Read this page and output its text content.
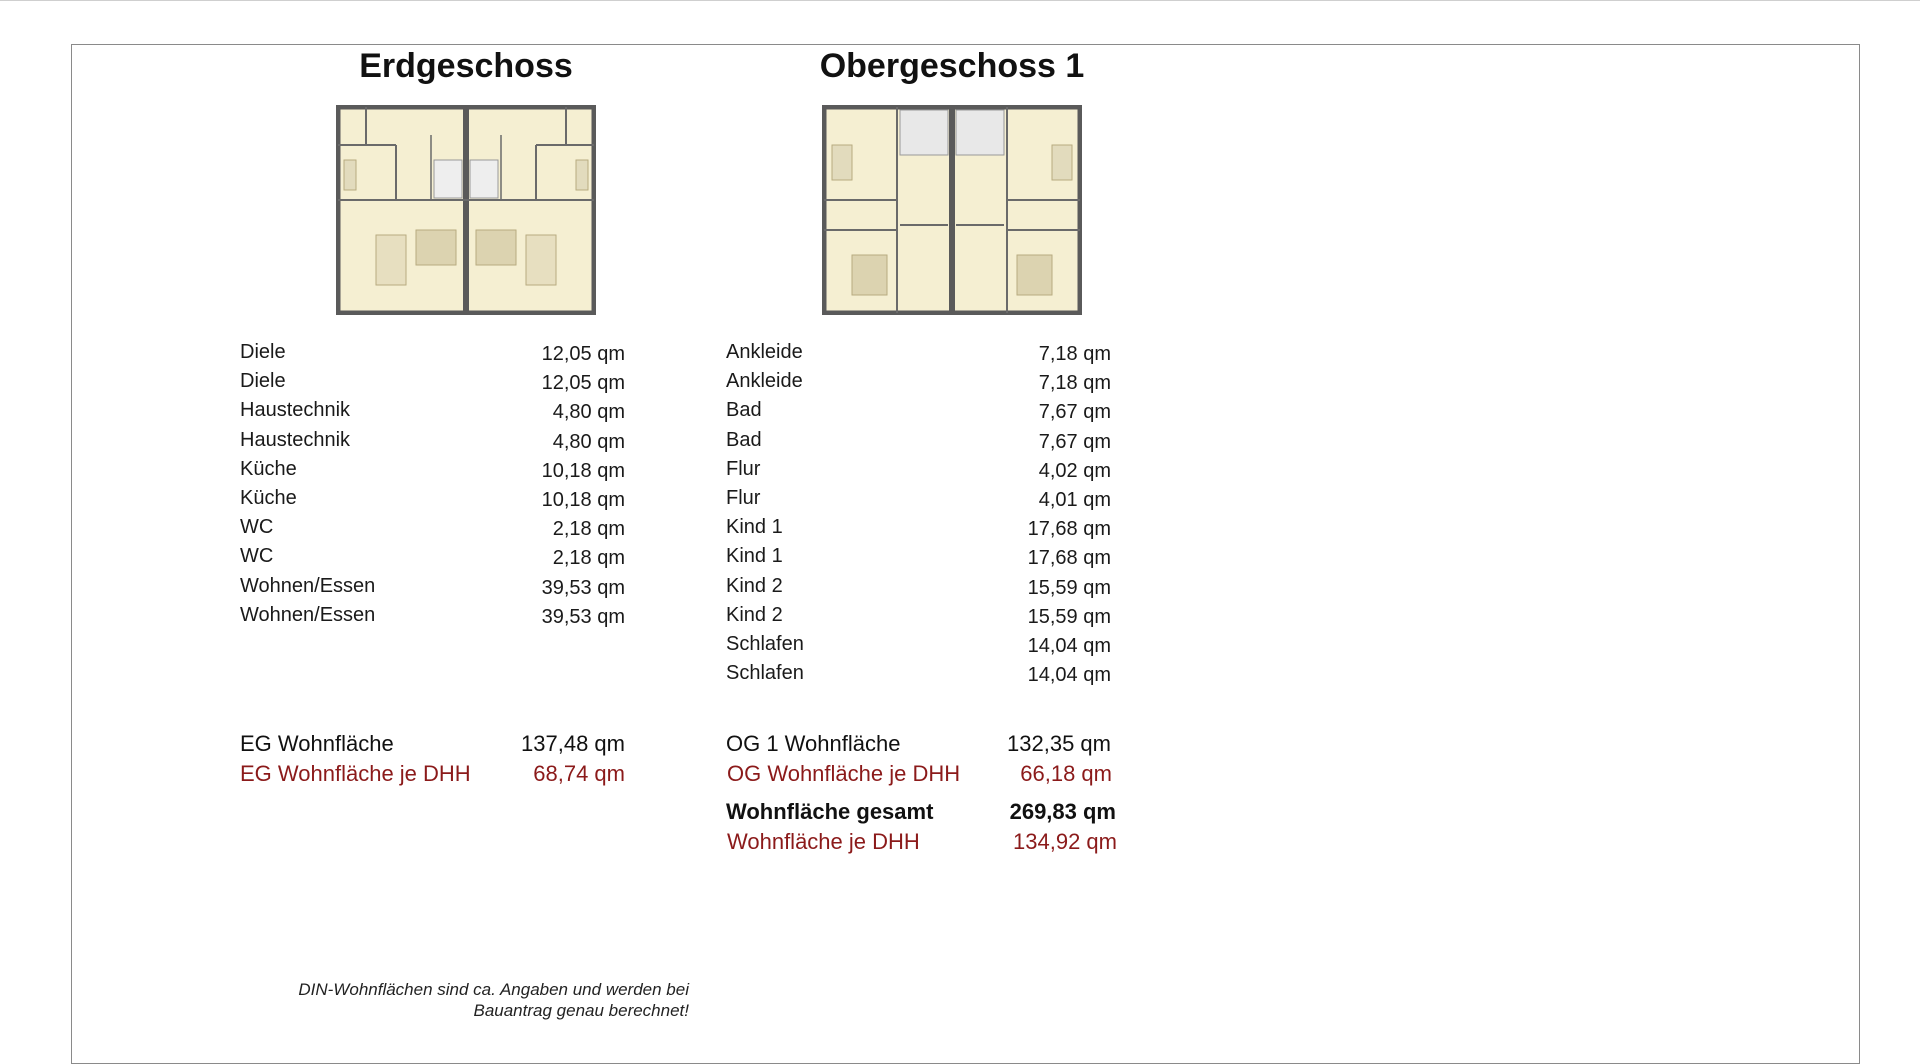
Erdgeschoss	Obergeschoss 1
Diele	12,05 qm
Diele	12,05 qm
Haustechnik	4,80 qm
Haustechnik	4,80 qm
Küche	10,18 qm
Küche	10,18 qm
WC	2,18 qm
WC	2,18 qm
Wohnen/Essen	39,53 qm
Wohnen/Essen	39,53 qm
Ankleide	7,18 qm
Ankleide	7,18 qm
Bad	7,67 qm
Bad	7,67 qm
Flur	4,02 qm
Flur	4,01 qm
Kind 1	17,68 qm
Kind 1	17,68 qm
Kind 2	15,59 qm
Kind 2	15,59 qm
Schlafen	14,04 qm
Schlafen	14,04 qm
EG Wohnfläche	137,48 qm
EG Wohnfläche je DHH	68,74 qm
OG 1 Wohnfläche	132,35 qm
OG Wohnfläche je DHH	66,18 qm
Wohnfläche gesamt	269,83 qm
Wohnfläche je DHH	134,92 qm
DIN-Wohnflächen sind ca. Angaben und werden bei
Bauantrag genau berechnet!
